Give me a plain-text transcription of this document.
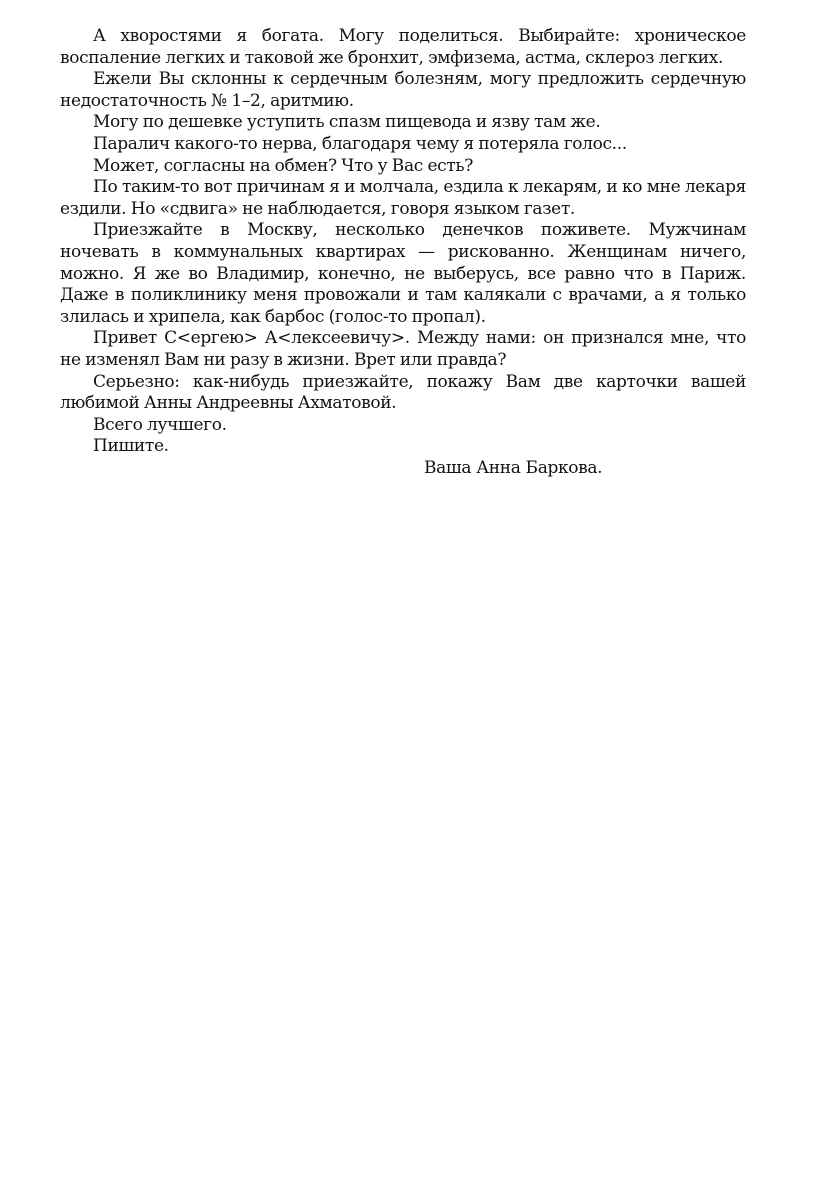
А хворостями я богата. Могу поделиться. Выбирайте: хроническое воспаление легких и таковой же бронхит, эмфизема, астма, склероз легких.

Ежели Вы склонны к сердечным болезням, могу предложить сердечную недостаточность № 1–2, аритмию.

Могу по дешевке уступить спазм пищевода и язву там же.

Паралич какого-то нерва, благодаря чему я потеряла голос...

Может, согласны на обмен? Что у Вас есть?

По таким-то вот причинам я и молчала, ездила к лекарям, и ко мне лекаря ездили. Но «сдвига» не наблюдается, говоря языком газет.

Приезжайте в Москву, несколько денечков поживете. Мужчинам ночевать в коммунальных квартирах — рискованно. Женщинам ничего, можно. Я же во Владимир, конечно, не выберусь, все равно что в Париж. Даже в поликлинику меня провожали и там калякали с врачами, а я только злилась и хрипела, как барбос (голос-то пропал).

Привет С<ергею> А<лексеевичу>. Между нами: он признался мне, что не изменял Вам ни разу в жизни. Врет или правда?

Серьезно: как-нибудь приезжайте, покажу Вам две карточки вашей любимой Анны Андреевны Ахматовой.

Всего лучшего.

Пишите.

Ваша Анна Баркова.
